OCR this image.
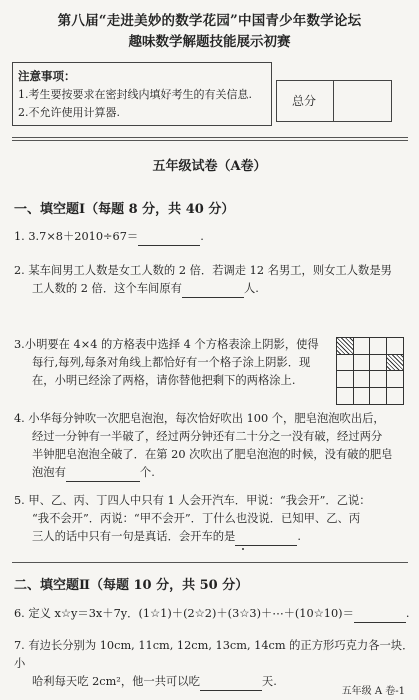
第八届“走进美妙的数学花园”中国青少年数学论坛
趣味数学解题技能展示初赛
注意事项：
1.考生要按要求在密封线内填好考生的有关信息.
2.不允许使用计算器.
总分
五年级试卷（A卷）
一、填空题Ⅰ（每题 8 分，共 40 分）
1. 3.7×8＋2010÷67＝	.
2. 某车间男工人数是女工人数的 2 倍．若调走 12 名男工，则女工人数是男
工人数的 2 倍．这个车间原有	人.
3.小明要在 4×4 的方格表中选择 4 个方格表涂上阴影，使得
每行,每列,每条对角线上都恰好有一个格子涂上阴影．现
在，小明已经涂了两格，请你替他把剩下的两格涂上.
4. 小华每分钟吹一次肥皂泡泡，每次恰好吹出 100 个，肥皂泡泡吹出后，
经过一分钟有一半破了，经过两分钟还有二十分之一没有破，经过两分
半钟肥皂泡泡全破了．在第 20 次吹出了肥皂泡泡的时候，没有破的肥皂
泡泡有	个.
5. 甲、乙、丙、丁四人中只有 1 人会开汽车．甲说：“我会开”．乙说：
“我不会开”．丙说：“甲不会开”．丁什么也没说．已知甲、乙、丙
三人的话中只有一句是真话．会开车的是	.
二、填空题Ⅱ（每题 10 分，共 50 分）
6. 定义 x☆y＝3x＋7y．(1☆1)＋(2☆2)＋(3☆3)＋⋯＋(10☆10)＝	.
7. 有边长分别为 10cm, 11cm, 12cm, 13cm, 14cm 的正方形巧克力各一块．小
哈利每天吃 2cm²，他一共可以吃	天.
五年级 A 卷-1
